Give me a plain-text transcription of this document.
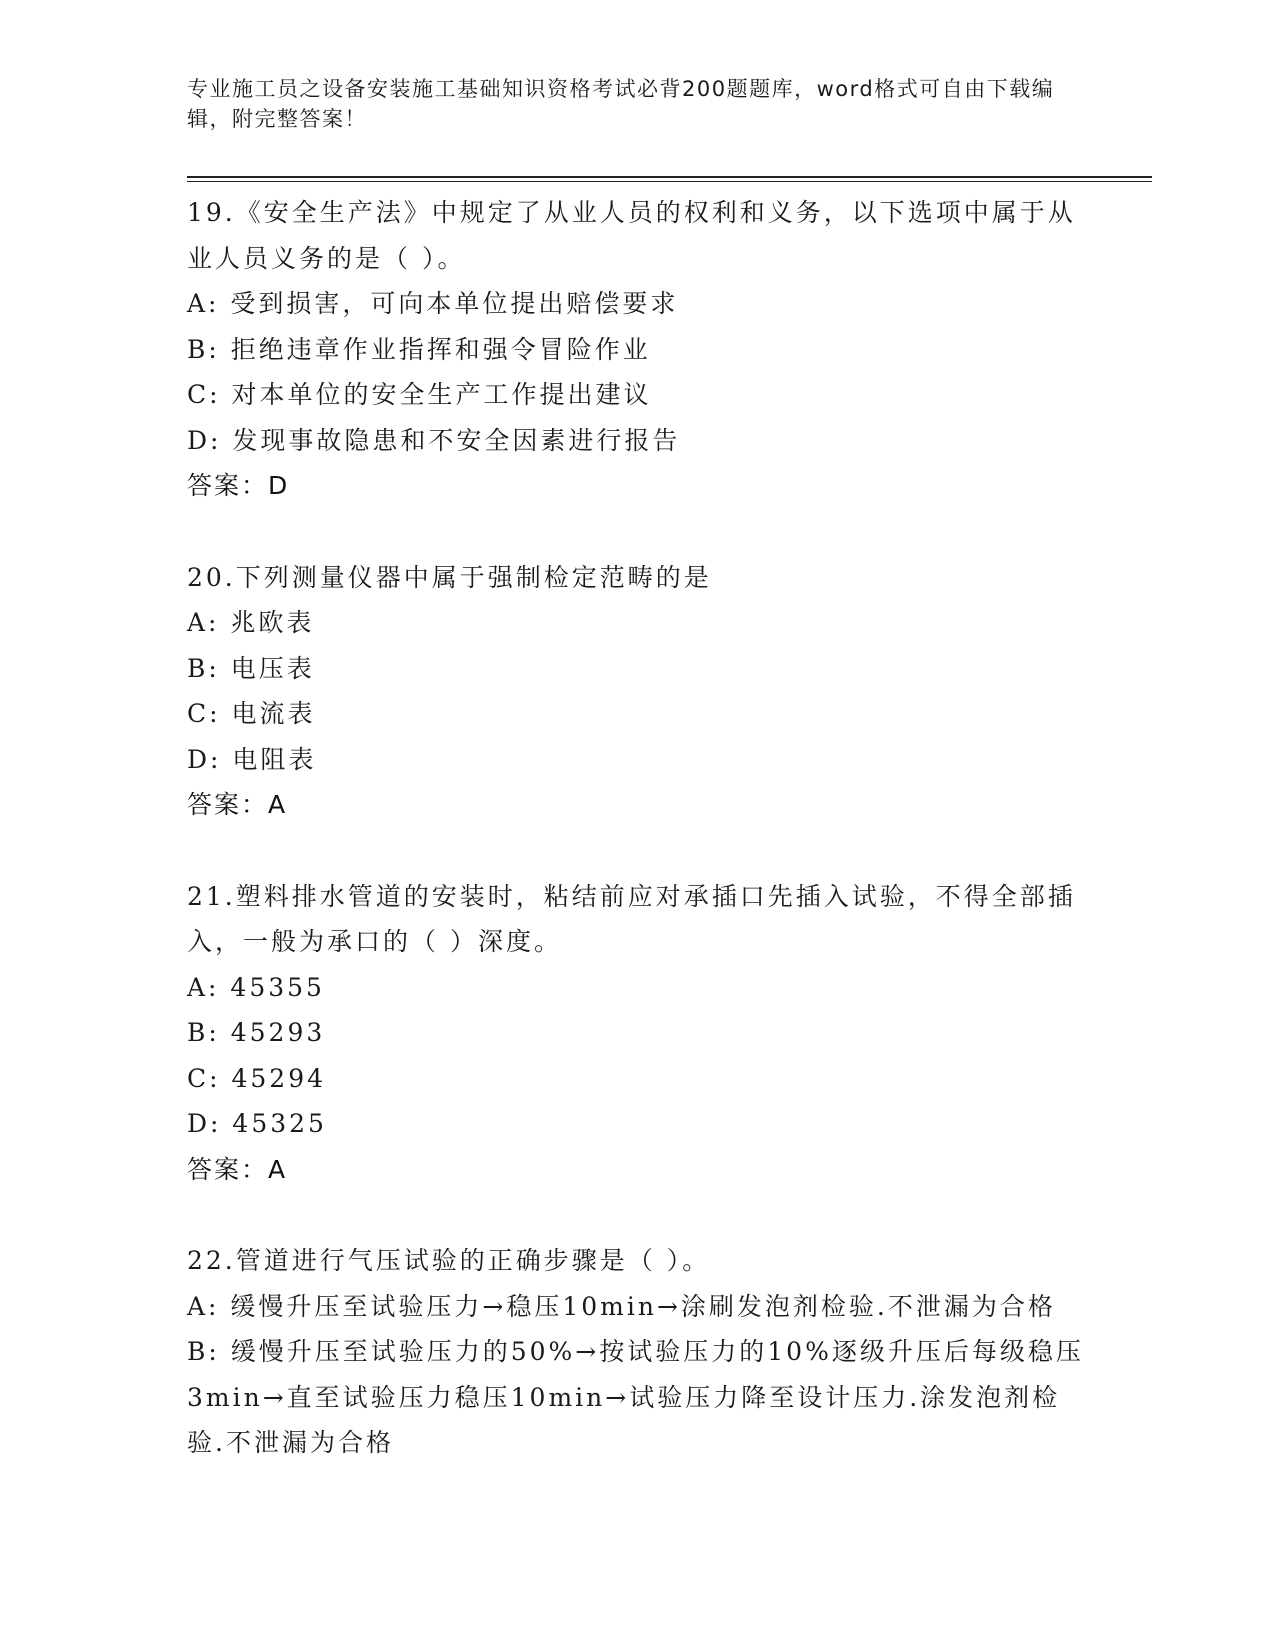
专业施工员之设备安装施工基础知识资格考试必背200题题库，word格式可自由下载编辑，附完整答案！
19.《安全生产法》中规定了从业人员的权利和义务，以下选项中属于从业人员义务的是（ ）。
A: 受到损害，可向本单位提出赔偿要求
B: 拒绝违章作业指挥和强令冒险作业
C: 对本单位的安全生产工作提出建议
D: 发现事故隐患和不安全因素进行报告
答案：D
20.下列测量仪器中属于强制检定范畴的是
A: 兆欧表
B: 电压表
C: 电流表
D: 电阻表
答案：A
21.塑料排水管道的安装时，粘结前应对承插口先插入试验，不得全部插入，一般为承口的（ ）深度。
A: 45355
B: 45293
C: 45294
D: 45325
答案：A
22.管道进行气压试验的正确步骤是（ ）。
A: 缓慢升压至试验压力→稳压10min→涂刷发泡剂检验.不泄漏为合格
B: 缓慢升压至试验压力的50%→按试验压力的10%逐级升压后每级稳压3min→直至试验压力稳压10min→试验压力降至设计压力.涂发泡剂检验.不泄漏为合格
